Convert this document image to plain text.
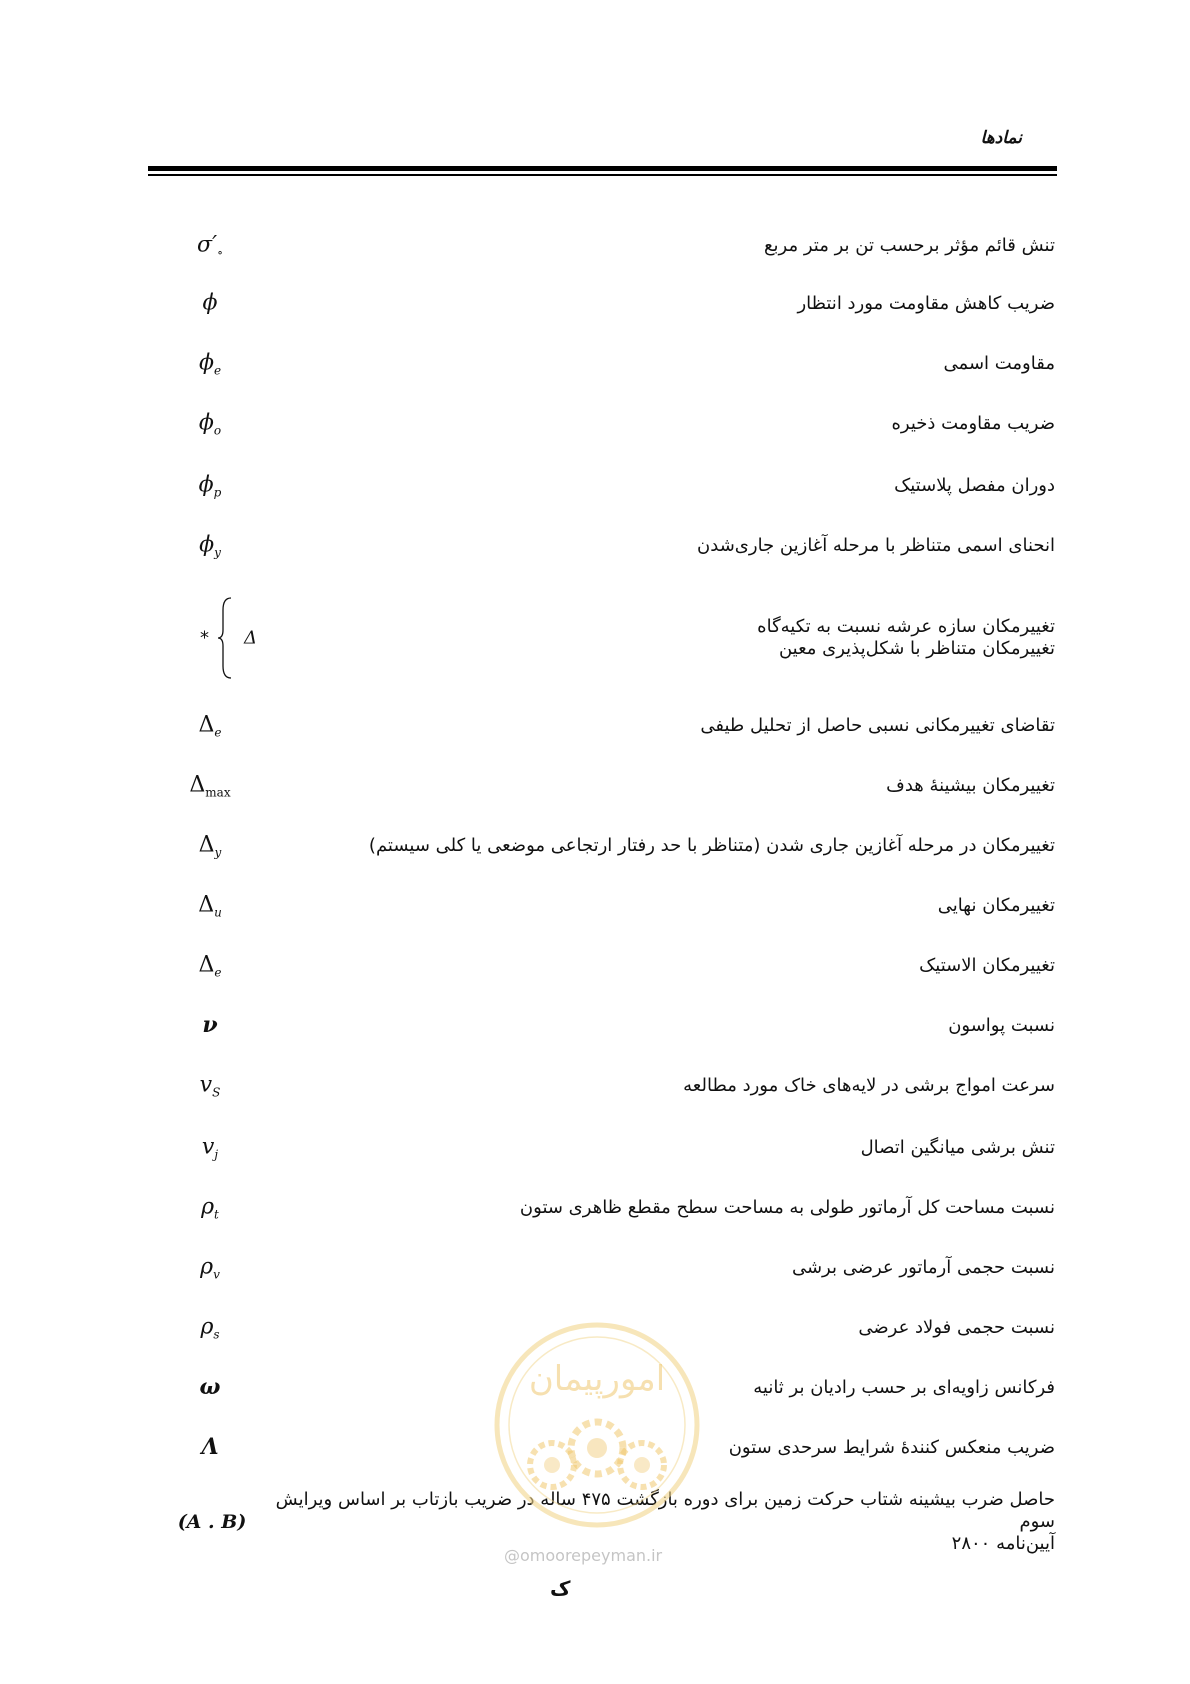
نمادها
تنش قائم مؤثر برحسب تن بر متر مربع
$\sigma'_\circ$
ضریب کاهش مقاومت مورد انتظار
ϕ
مقاومت اسمی
$\phi_e$
ضریب مقاومت ذخیره
$\phi_o$
دوران مفصل پلاستیک
$\phi_p$
انحنای اسمی متناظر با مرحله آغازین جاری‌شدن
$\phi_y$
تغییرمکان سازه عرشه نسبت به تکیه‌گاه
تغییرمکان متناظر با شکل‌پذیری معین
* Δ
تقاضای تغییرمکانی نسبی حاصل از تحلیل طیفی
$\Delta_e$
تغییرمکان بیشینهٔ هدف
$\Delta_{max}$
تغییرمکان در مرحله آغازین جاری شدن (متناظر با حد رفتار ارتجاعی موضعی یا کلی سیستم)
$\Delta_y$
تغییرمکان نهایی
$\Delta_u$
تغییرمکان الاستیک
$\Delta_e$
نسبت پواسون
ν
سرعت امواج برشی در لایه‌های خاک مورد مطالعه
$v_S$
تنش برشی میانگین اتصال
$v_j$
نسبت مساحت کل آرماتور طولی به مساحت سطح مقطع ظاهری ستون
$\rho_t$
نسبت حجمی آرماتور عرضی برشی
$\rho_v$
نسبت حجمی فولاد عرضی
$\rho_s$
فرکانس زاویه‌ای بر حسب رادیان بر ثانیه
ω
ضریب منعکس کنندهٔ شرایط سرحدی ستون
Λ
حاصل ضرب بیشینه شتاب حرکت زمین برای دوره بازگشت ۴۷۵ ساله در ضریب بازتاب بر اساس ویرایش سوم
آیین‌نامه ۲۸۰۰
(A . B)
امورپیمان
@omoorepeyman.ir
ک
